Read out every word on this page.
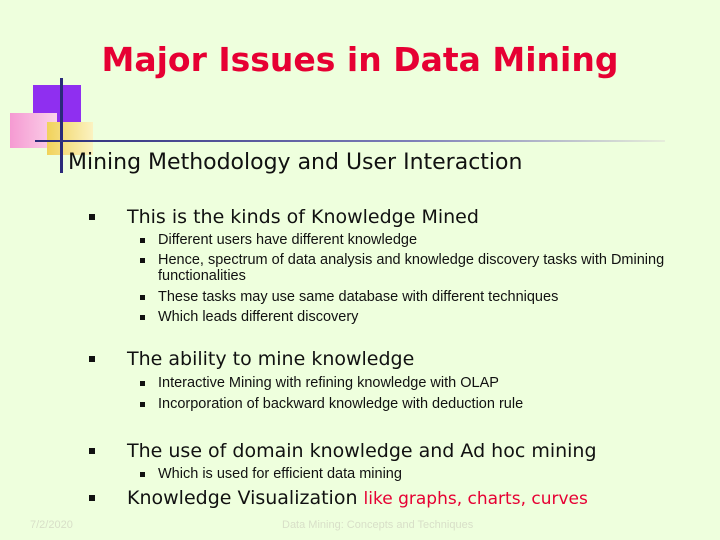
Major Issues in Data Mining
Mining Methodology and User Interaction
This is the kinds of Knowledge Mined
Different users have different knowledge
Hence, spectrum of data analysis and knowledge discovery tasks with Dmining functionalities
These tasks may use same database with different techniques
Which leads different discovery
The ability to mine knowledge
Interactive Mining with refining knowledge with OLAP
Incorporation of backward knowledge with deduction rule
The use of domain knowledge and Ad hoc mining
Which is used for efficient data mining
Knowledge Visualization like graphs, charts, curves
7/2/2020	Data Mining: Concepts and Techniques
